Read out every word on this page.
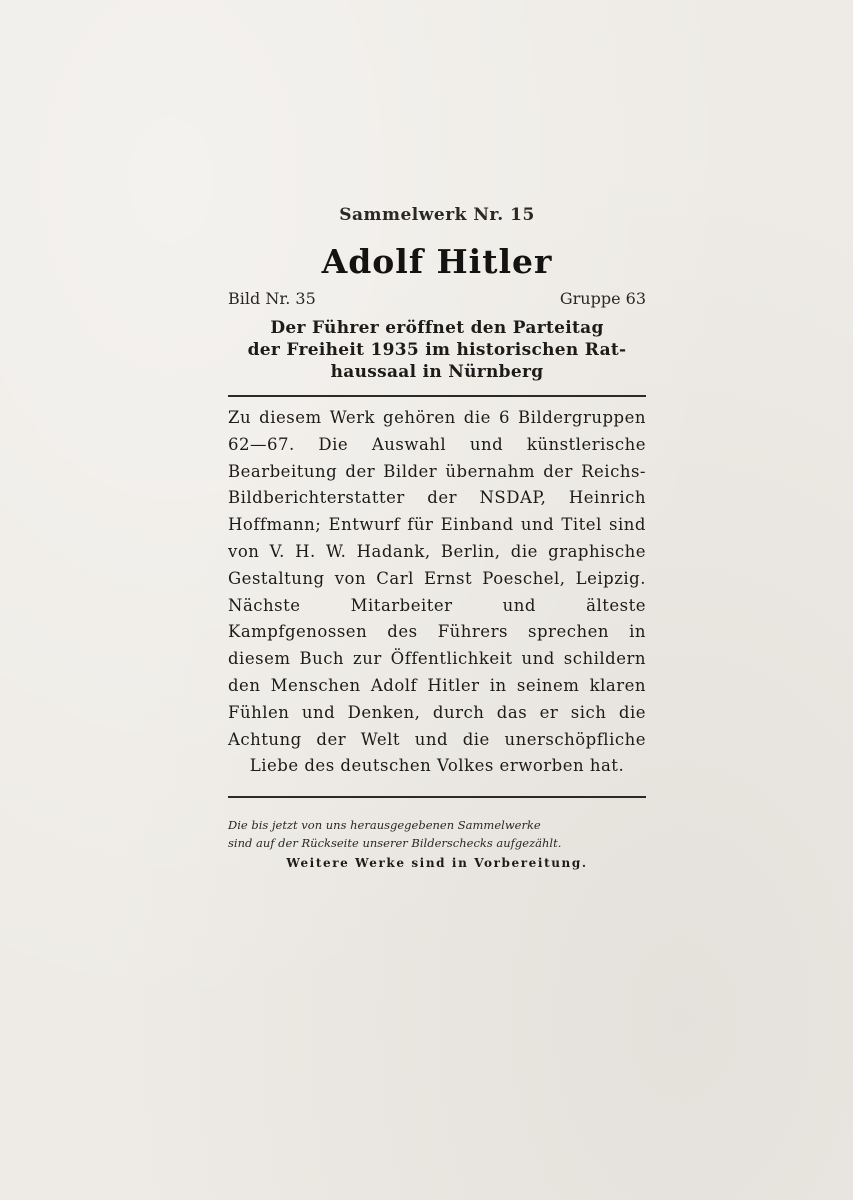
Sammelwerk Nr. 15
Adolf Hitler
Bild Nr. 35	Gruppe 63
Der Führer eröffnet den Parteitag
der Freiheit 1935 im historischen Rat-
haussaal in Nürnberg
Zu diesem Werk gehören die 6 Bildergruppen 62—67. Die Auswahl und künstlerische Bearbeitung der Bilder übernahm der Reichs-Bildberichterstatter der NSDAP, Heinrich Hoffmann; Entwurf für Einband und Titel sind von V. H. W. Hadank, Berlin, die graphische Gestaltung von Carl Ernst Poeschel, Leipzig. Nächste Mitarbeiter und älteste Kampfgenossen des Führers sprechen in diesem Buch zur Öffentlichkeit und schildern den Menschen Adolf Hitler in seinem klaren Fühlen und Denken, durch das er sich die Achtung der Welt und die unerschöpfliche Liebe des deutschen Volkes erworben hat.
Die bis jetzt von uns herausgegebenen Sammelwerke
sind auf der Rückseite unserer Bilderschecks aufgezählt.
Weitere Werke sind in Vorbereitung.
